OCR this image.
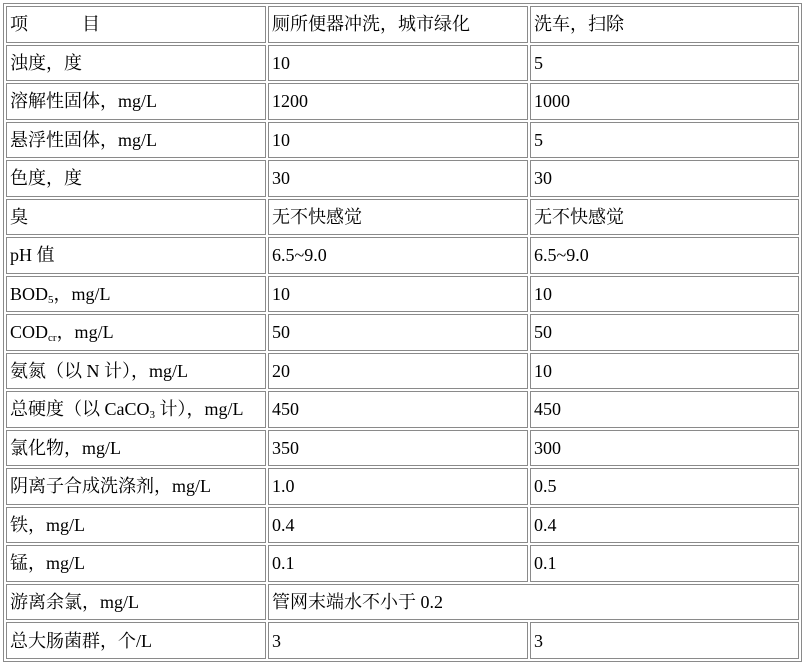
项　　　目	厕所便器冲洗，城市绿化	洗车，扫除
浊度，度	10	5
溶解性固体，mg/L	1200	1000
悬浮性固体，mg/L	10	5
色度，度	30	30
臭	无不快感觉	无不快感觉
pH 值	6.5~9.0	6.5~9.0
$BOD_5$，mg/L	10	10
$COD_{cr}$，mg/L	50	50
氨氮（以 N 计），mg/L	20	10
总硬度（以 CaCO$_3$ 计），mg/L	450	450
氯化物，mg/L	350	300
阴离子合成洗涤剂，mg/L	1.0	0.5
铁，mg/L	0.4	0.4
锰，mg/L	0.1	0.1
游离余氯，mg/L	管网末端水不小于 0.2	
总大肠菌群，个/L	3	3
